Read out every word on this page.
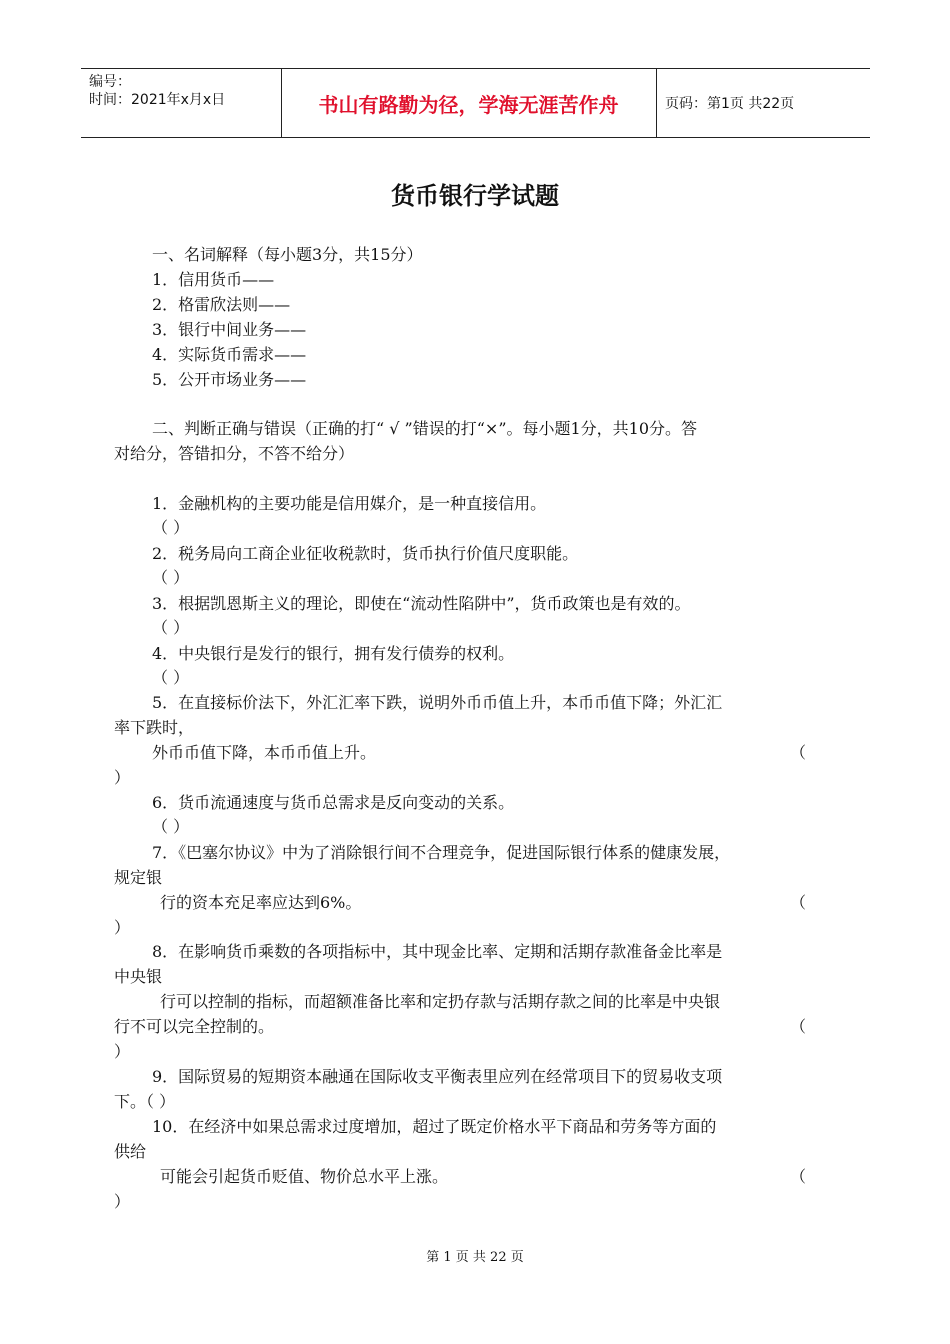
编号：
时间：2021年x月x日	书山有路勤为径，学海无涯苦作舟	页码：第1页 共22页
货币银行学试题
一、名词解释（每小题3分，共15分）
1．信用货币——
2．格雷欣法则——
3．银行中间业务——
4．实际货币需求——
5．公开市场业务——
二、判断正确与错误（正确的打“ √ ”错误的打“×”。每小题1分，共10分。答
对给分，答错扣分，不答不给分）
1．金融机构的主要功能是信用媒介，是一种直接信用。
（ ）
2．税务局向工商企业征收税款时，货币执行价值尺度职能。
（ ）
3．根据凯恩斯主义的理论，即使在“流动性陷阱中”，货币政策也是有效的。
（ ）
4．中央银行是发行的银行，拥有发行债券的权利。
（ ）
5．在直接标价法下，外汇汇率下跌，说明外币币值上升，本币币值下降；外汇汇
率下跌时，
外币币值下降，本币币值上升。	（
）
6．货币流通速度与货币总需求是反向变动的关系。
（ ）
7．《巴塞尔协议》中为了消除银行间不合理竞争，促进国际银行体系的健康发展，
规定银
行的资本充足率应达到6%。	（
）
8．在影响货币乘数的各项指标中，其中现金比率、定期和活期存款准备金比率是
中央银
行可以控制的指标，而超额准备比率和定扔存款与活期存款之间的比率是中央银
行不可以完全控制的。	（
）
9．国际贸易的短期资本融通在国际收支平衡表里应列在经常项目下的贸易收支项
下。（ ）
10．在经济中如果总需求过度增加，超过了既定价格水平下商品和劳务等方面的
供给
可能会引起货币贬值、物价总水平上涨。	（
）
第 1 页 共 22 页
